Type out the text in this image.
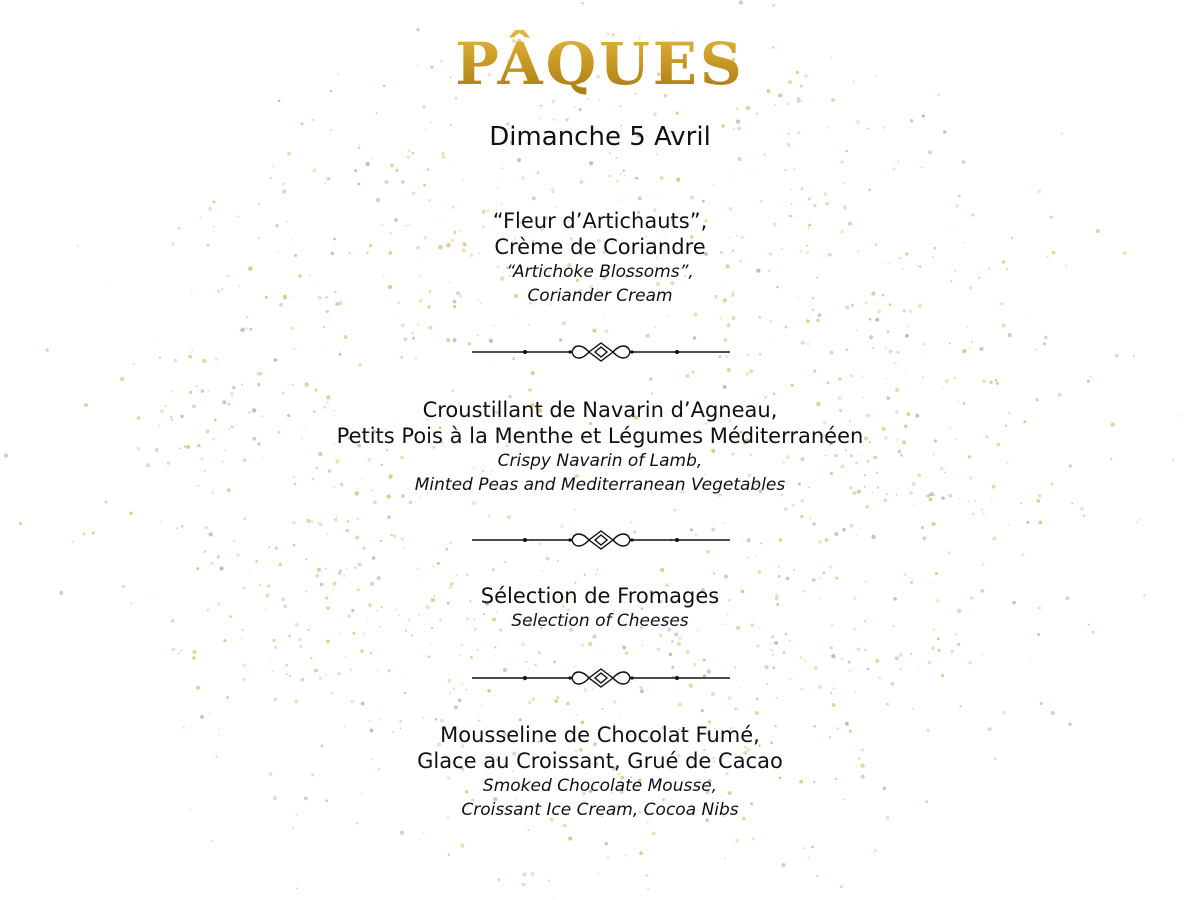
PÂQUES
Dimanche 5 Avril
“Fleur d’Artichauts”,
Crème de Coriandre
“Artichoke Blossoms”,
Coriander Cream
Croustillant de Navarin d’Agneau,
Petits Pois à la Menthe et Légumes Méditerranéen
Crispy Navarin of Lamb,
Minted Peas and Mediterranean Vegetables
Sélection de Fromages
Selection of Cheeses
Mousseline de Chocolat Fumé,
Glace au Croissant, Grué de Cacao
Smoked Chocolate Mousse,
Croissant Ice Cream, Cocoa Nibs
